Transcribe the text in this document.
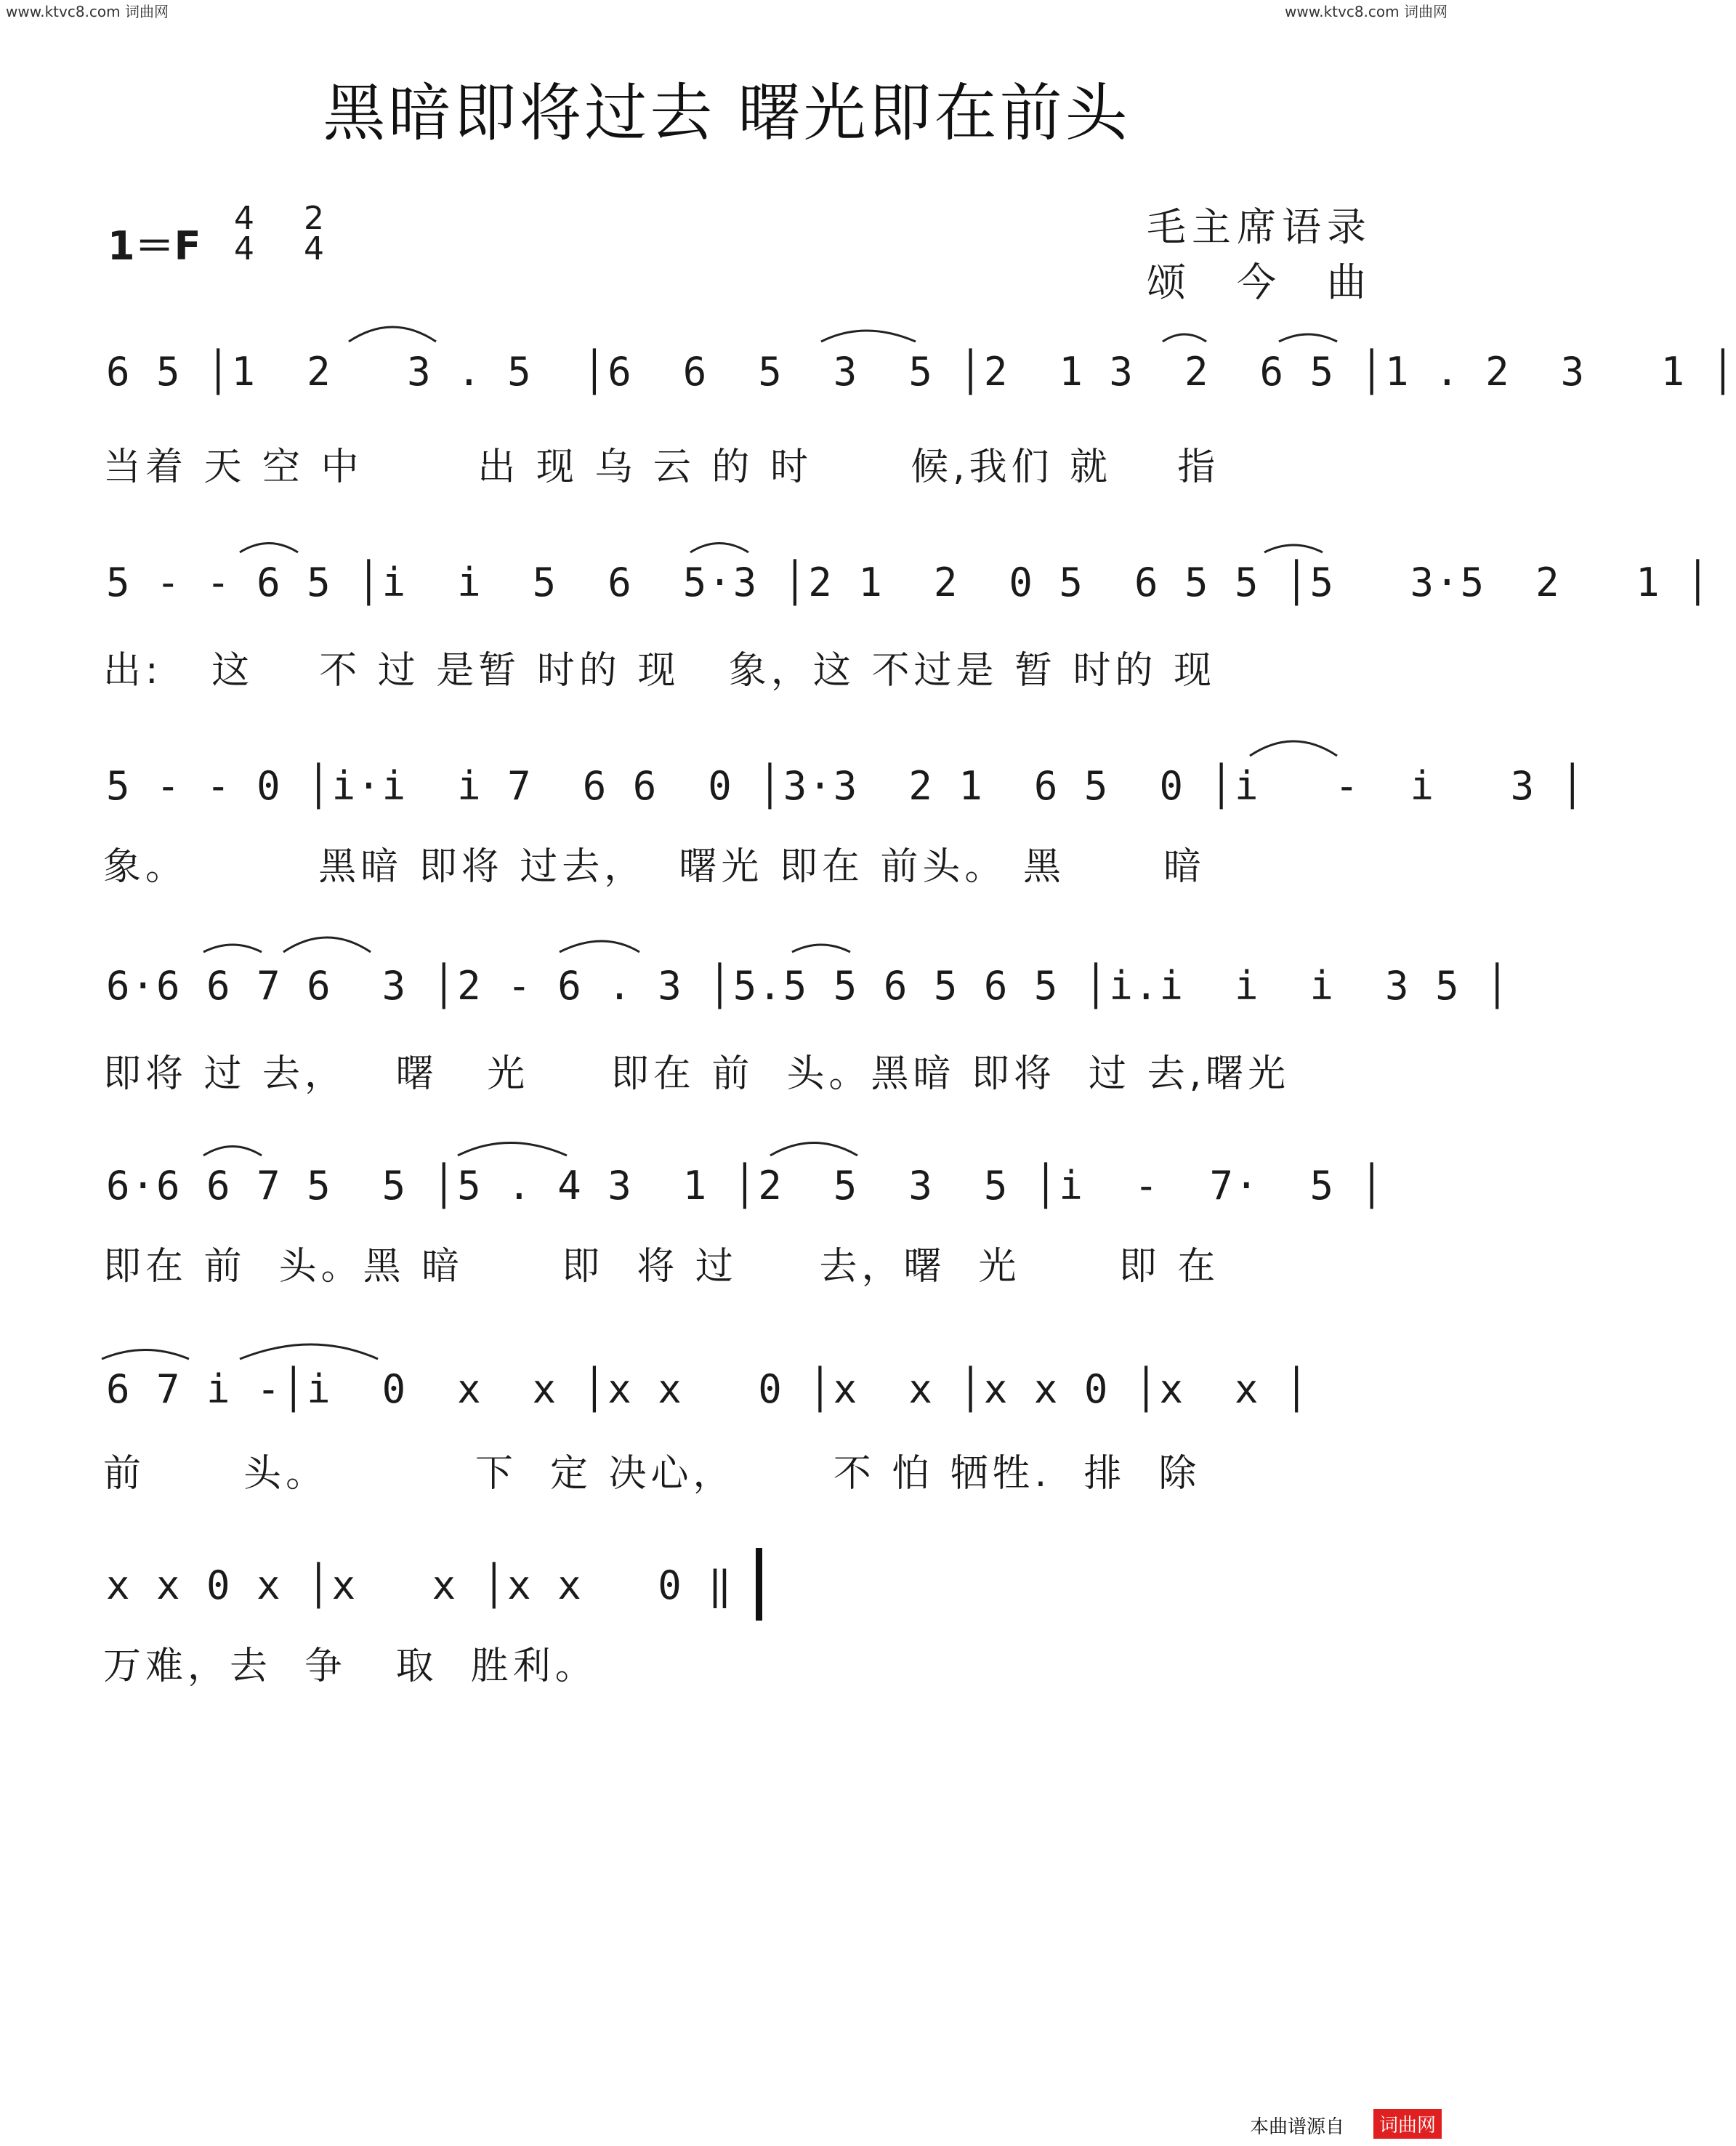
www.ktvc8.com 词曲网	www.ktvc8.com 词曲网
黑暗即将过去 曙光即在前头
1＝F
4
4
2
4	毛主席语录
颂　今　曲
6 5 │1  2   3 . 5  │6  6  5  3  5 │2  1 3  2  6 5 │1 . 2  3   1 │
当着 天 空 中       出 现 乌 云 的 时      候,我们 就    指
5 - - 6 5 │i  i  5  6  5·3 │2 1  2  0 5  6 5 5 │5   3·5  2   1 │
出:   这    不 过 是暂 时的 现   象，这 不过是 暂 时的 现
5 - - 0 │i·i  i 7  6 6  0 │3·3  2 1  6 5  0 │i   -  i   3 │
象。        黑暗 即将 过去，  曙光 即在 前头。 黑      暗
6·6 6 7 6  3 │2 - 6 . 3 │5.5 5 6 5 6 5 │i.i  i  i  3 5 │
即将 过 去，   曙   光     即在 前  头。黑暗 即将  过 去,曙光
6·6 6 7 5  5 │5 . 4 3  1 │2  5  3  5 │i  -  7·  5 │
即在 前  头。黑 暗      即  将 过     去，曙  光      即 在
6 7 i -│i  0  x  x │x x   0 │x  x │x x 0 │x  x │
前      头。         下  定 决心，      不 怕 牺牲.  排  除
x x 0 x │x   x │x x   0 ‖
万难，去  争   取  胜利。
本曲谱源自	词曲网
